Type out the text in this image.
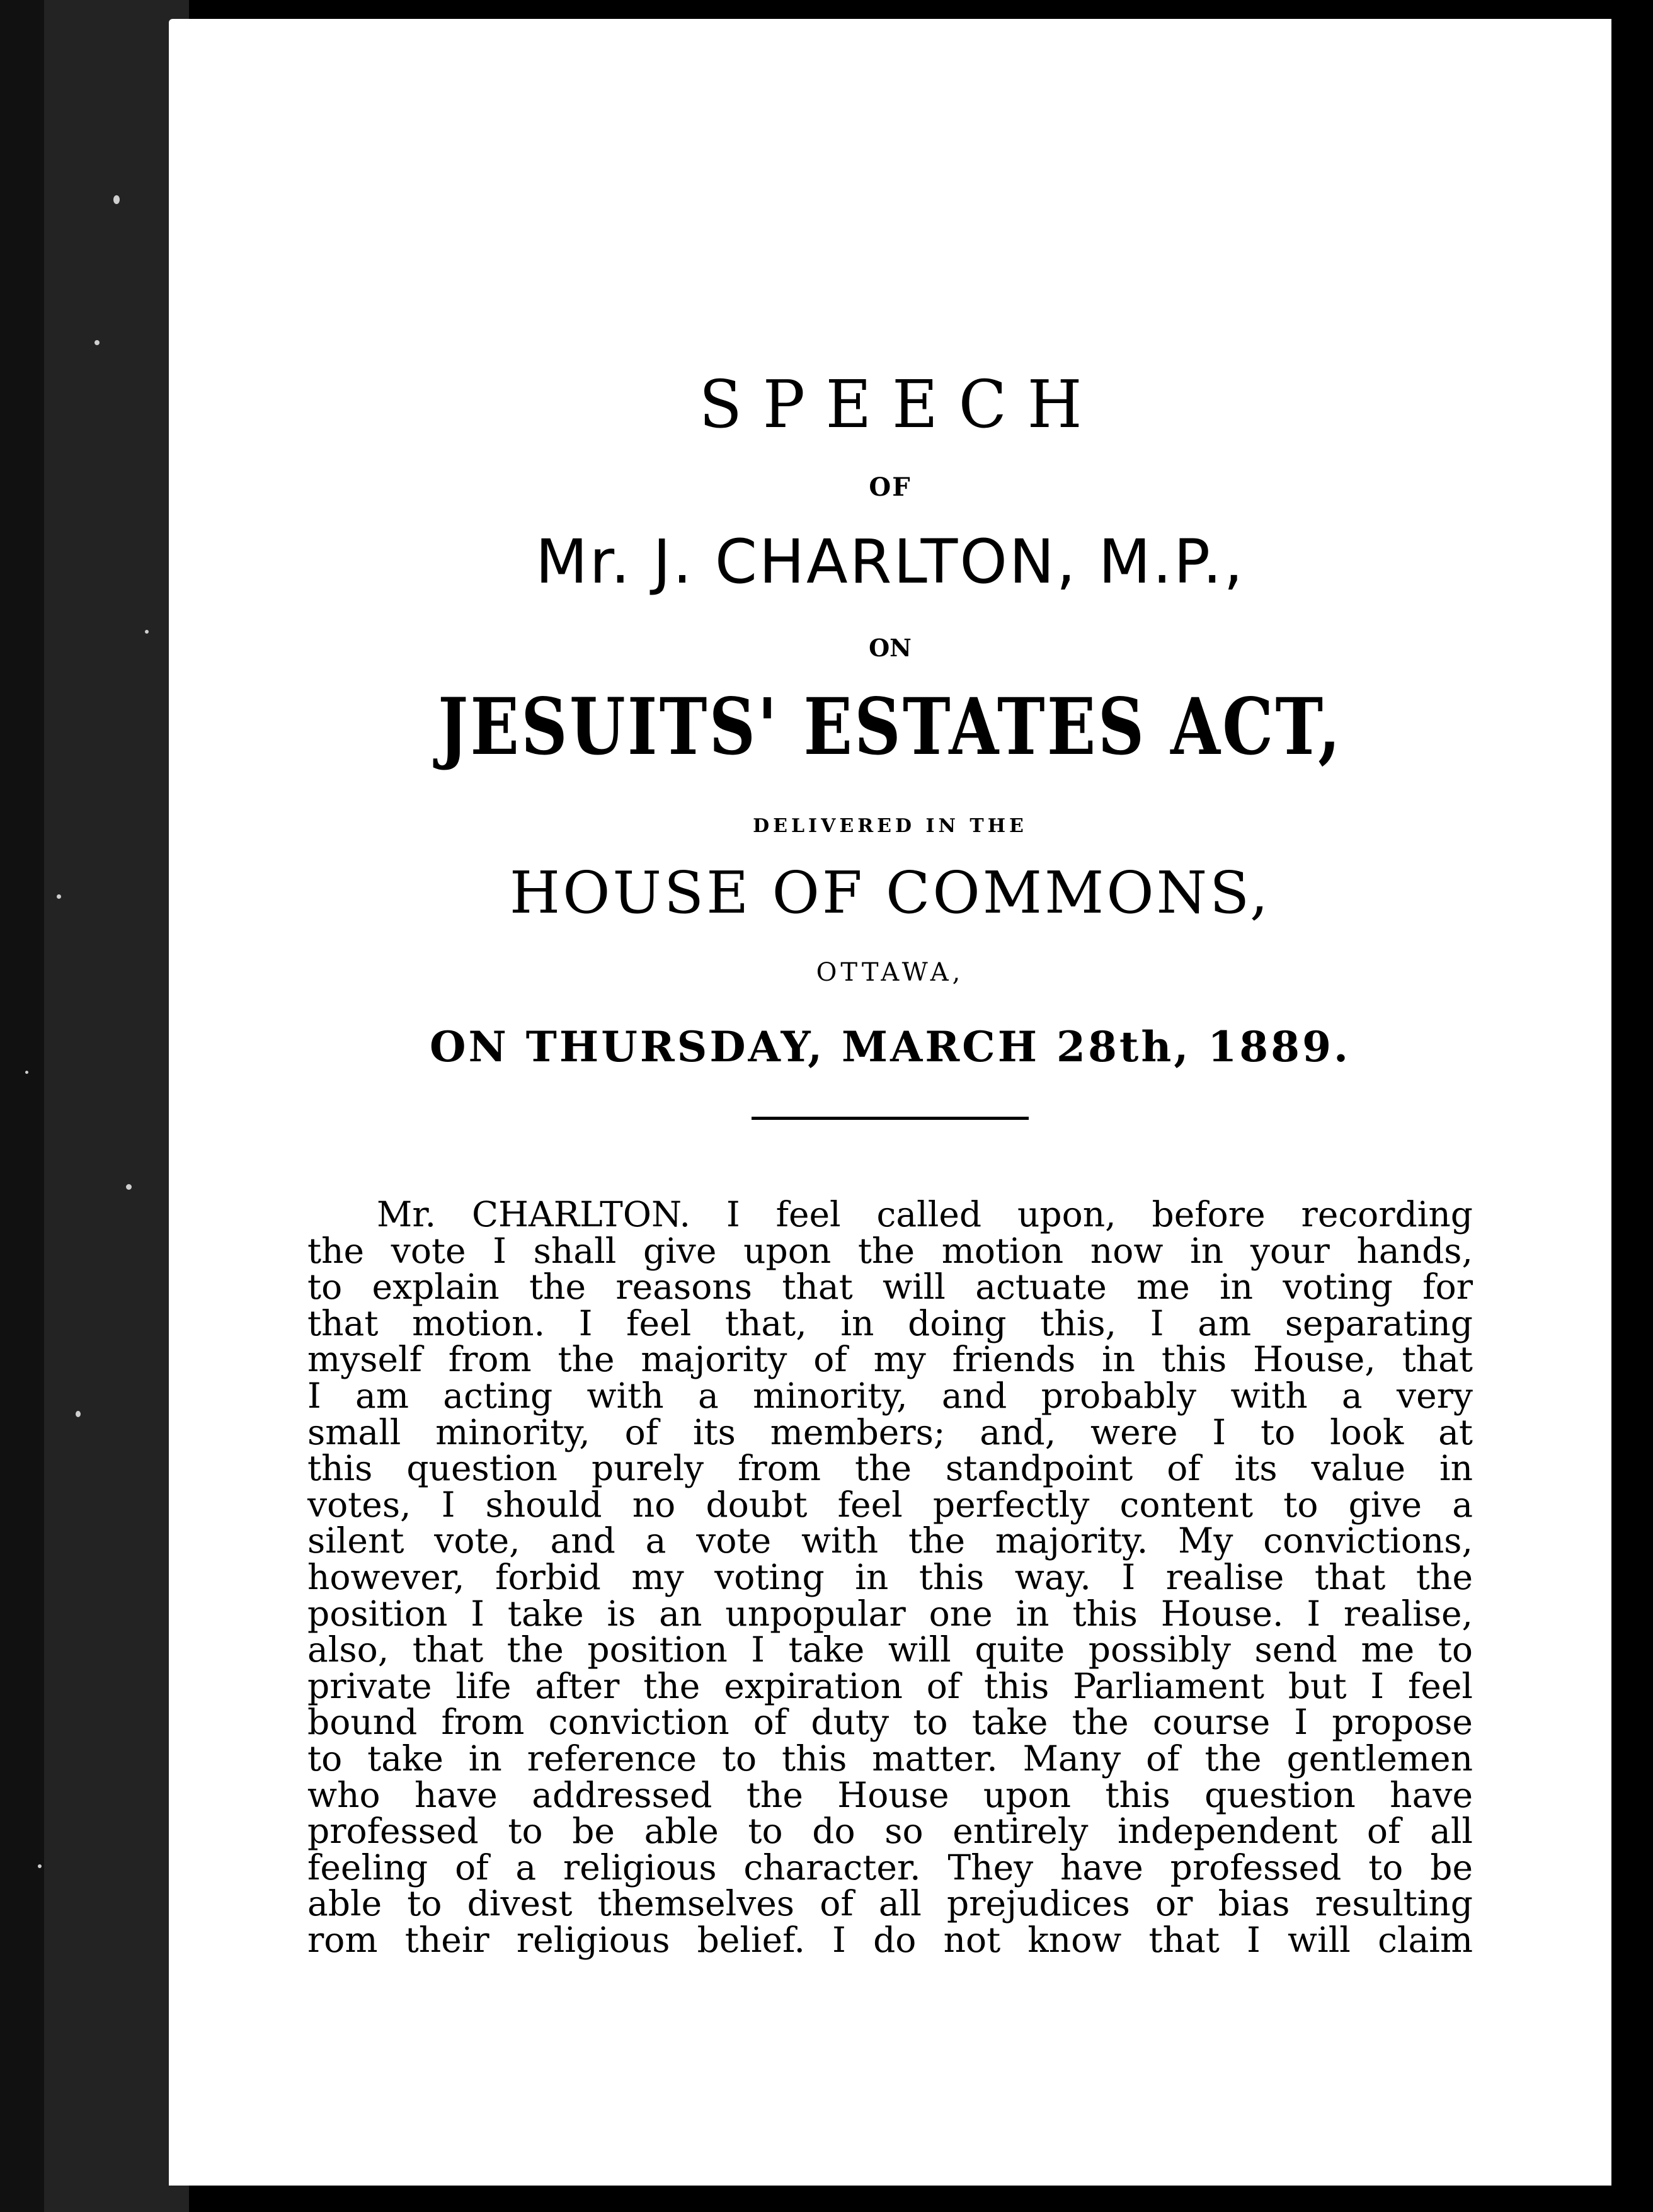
SPEECH
OF
Mr. J. CHARLTON, M.P.,
ON
JESUITS' ESTATES ACT,
DELIVERED IN THE
HOUSE OF COMMONS,
OTTAWA,
ON THURSDAY, MARCH 28th, 1889.
Mr. CHARLTON. I feel called upon, before recording
the vote I shall give upon the motion now in your hands,
to explain the reasons that will actuate me in voting for
that motion. I feel that, in doing this, I am separating
myself from the majority of my friends in this House, that
I am acting with a minority, and probably with a very
small minority, of its members; and, were I to look at
this question purely from the standpoint of its value in
votes, I should no doubt feel perfectly content to give a
silent vote, and a vote with the majority. My convictions,
however, forbid my voting in this way. I realise that the
position I take is an unpopular one in this House. I realise,
also, that the position I take will quite possibly send me to
private life after the expiration of this Parliament but I feel
bound from conviction of duty to take the course I propose
to take in reference to this matter. Many of the gentlemen
who have addressed the House upon this question have
professed to be able to do so entirely independent of all
feeling of a religious character. They have professed to be
able to divest themselves of all prejudices or bias resulting
rom their religious belief. I do not know that I will claim
